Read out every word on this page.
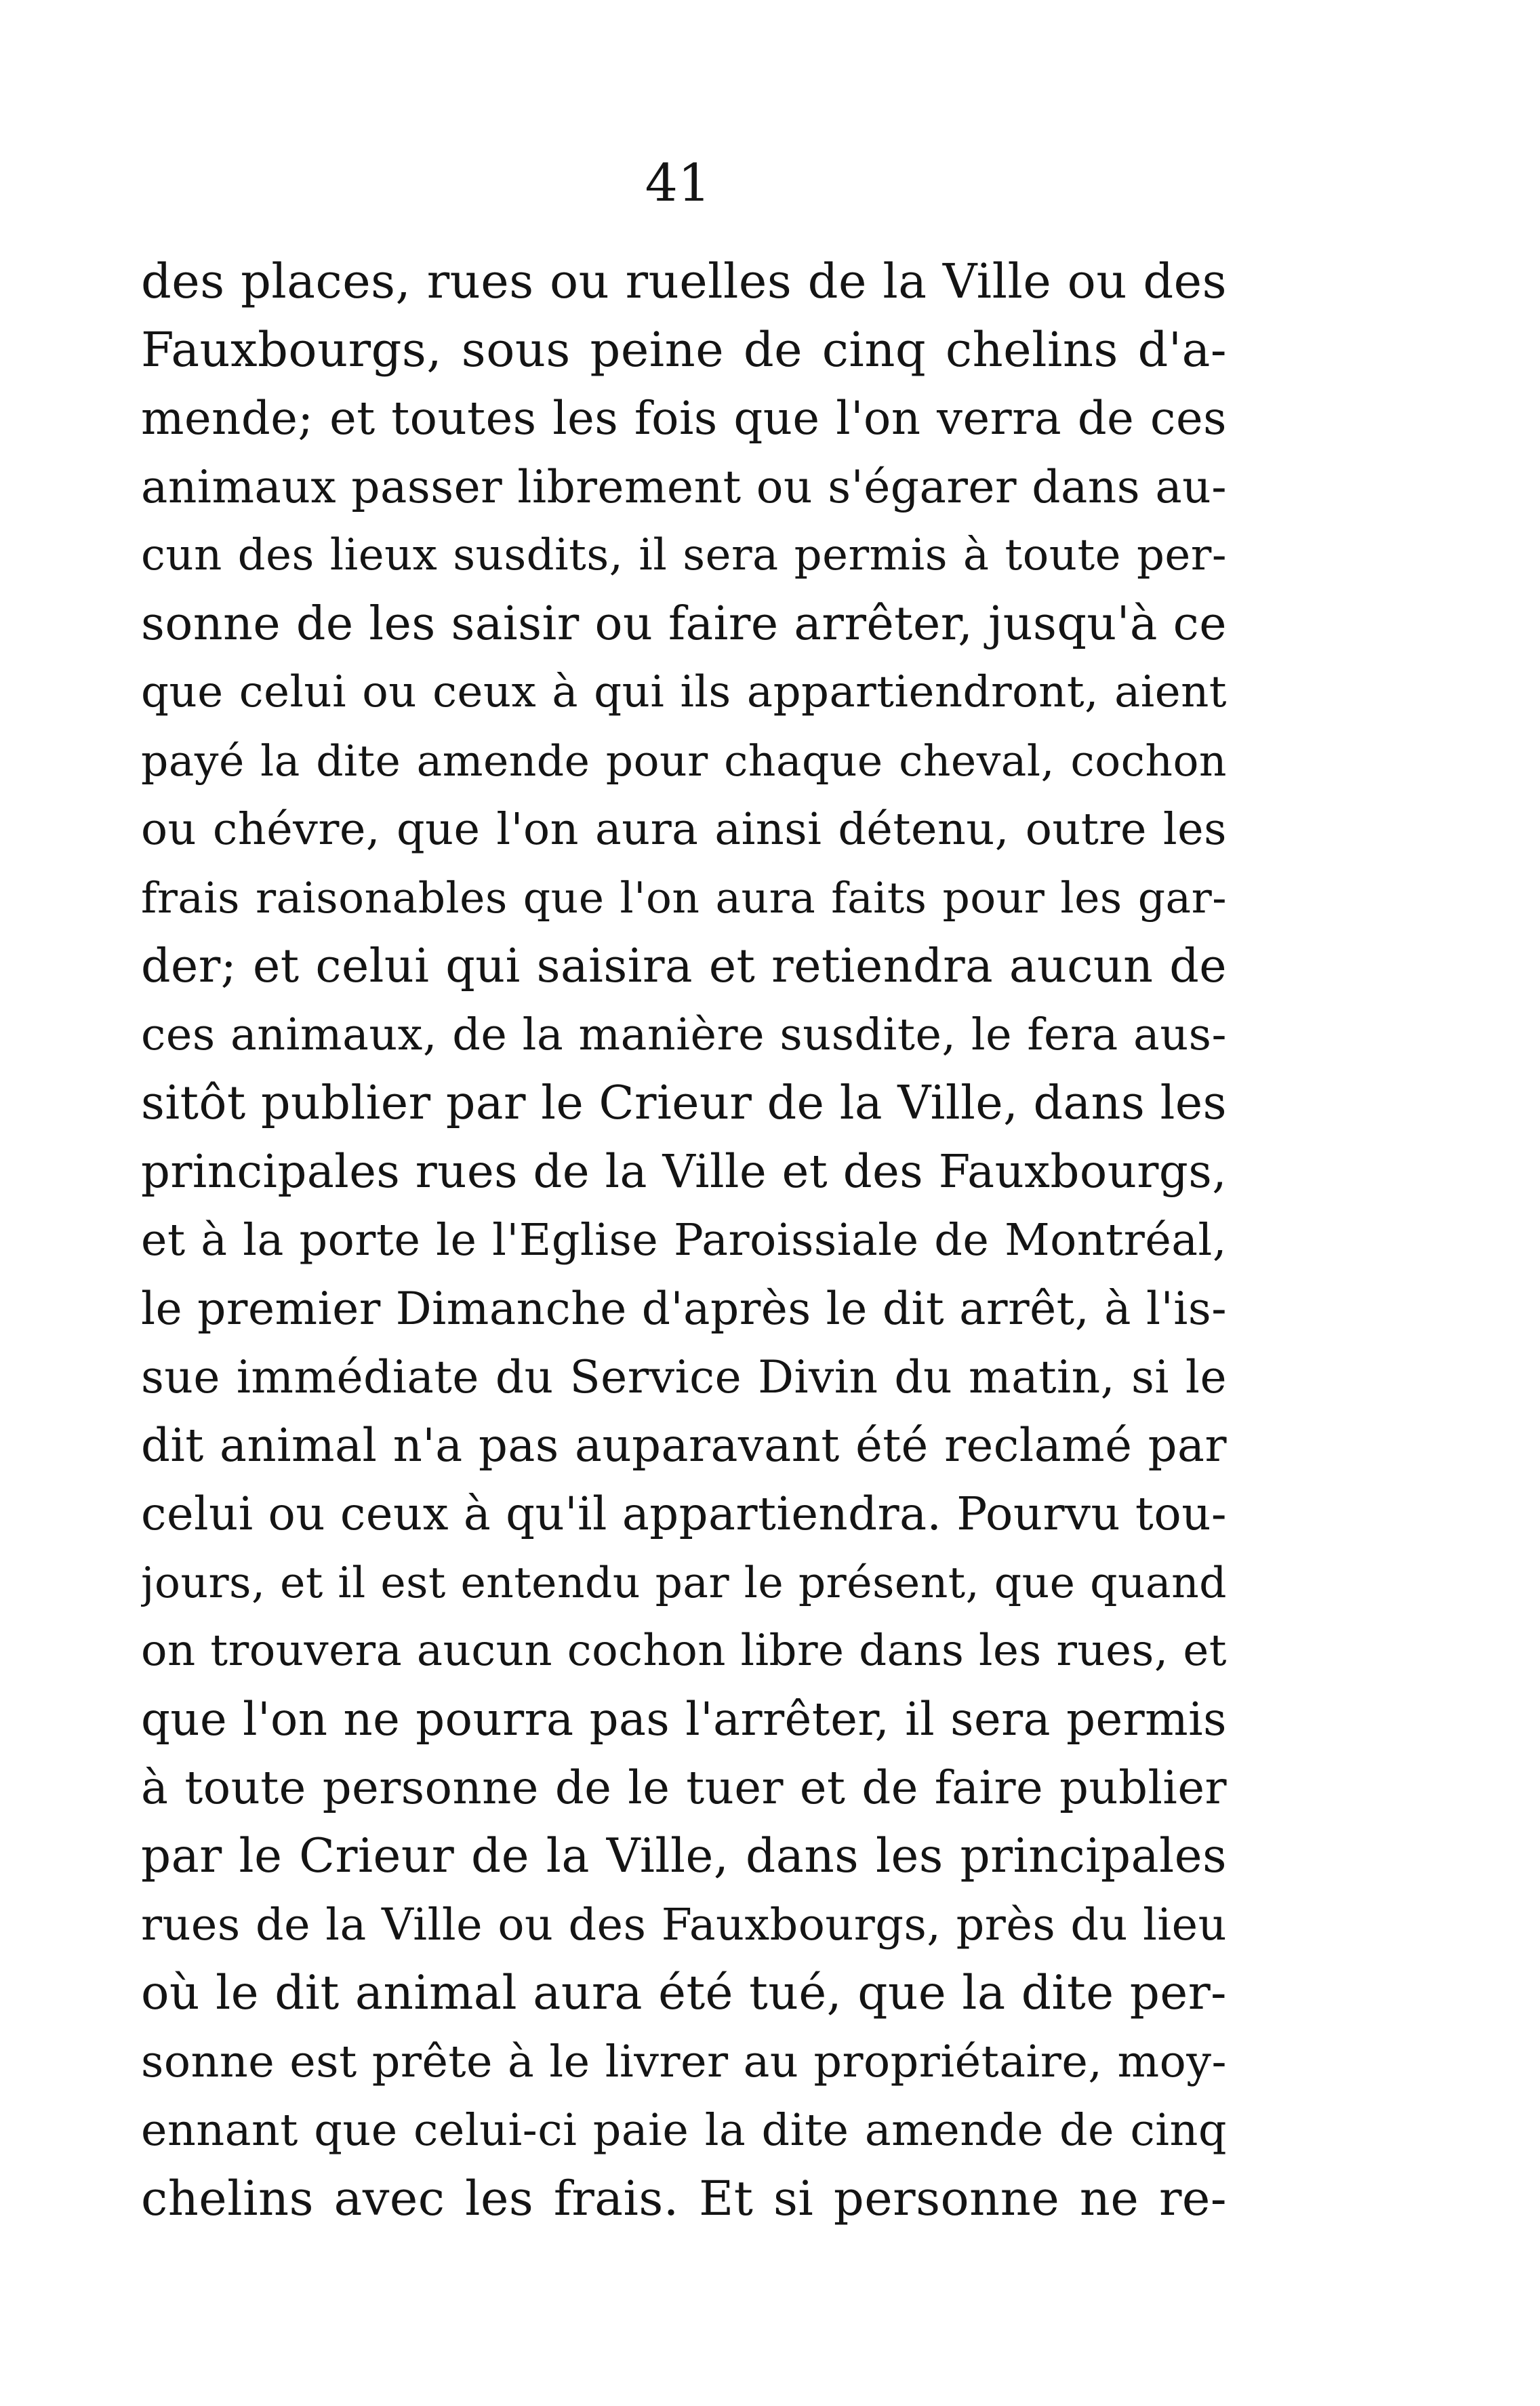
41
des places, rues ou ruelles de la Ville ou des
Fauxbourgs, sous peine de cinq chelins d'a-
mende; et toutes les fois que l'on verra de ces
animaux passer librement ou s'égarer dans au-
cun des lieux susdits, il sera permis à toute per-
sonne de les saisir ou faire arrêter, jusqu'à ce
que celui ou ceux à qui ils appartiendront, aient
payé la dite amende pour chaque cheval, cochon
ou chévre, que l'on aura ainsi détenu, outre les
frais raisonables que l'on aura faits pour les gar-
der; et celui qui saisira et retiendra aucun de
ces animaux, de la manière susdite, le fera aus-
sitôt publier par le Crieur de la Ville, dans les
principales rues de la Ville et des Fauxbourgs,
et à la porte le l'Eglise Paroissiale de Montréal,
le premier Dimanche d'après le dit arrêt, à l'is-
sue immédiate du Service Divin du matin, si le
dit animal n'a pas auparavant été reclamé par
celui ou ceux à qu'il appartiendra. Pourvu tou-
jours, et il est entendu par le présent, que quand
on trouvera aucun cochon libre dans les rues, et
que l'on ne pourra pas l'arrêter, il sera permis
à toute personne de le tuer et de faire publier
par le Crieur de la Ville, dans les principales
rues de la Ville ou des Fauxbourgs, près du lieu
où le dit animal aura été tué, que la dite per-
sonne est prête à le livrer au propriétaire, moy-
ennant que celui-ci paie la dite amende de cinq
chelins avec les frais. Et si personne ne re-
